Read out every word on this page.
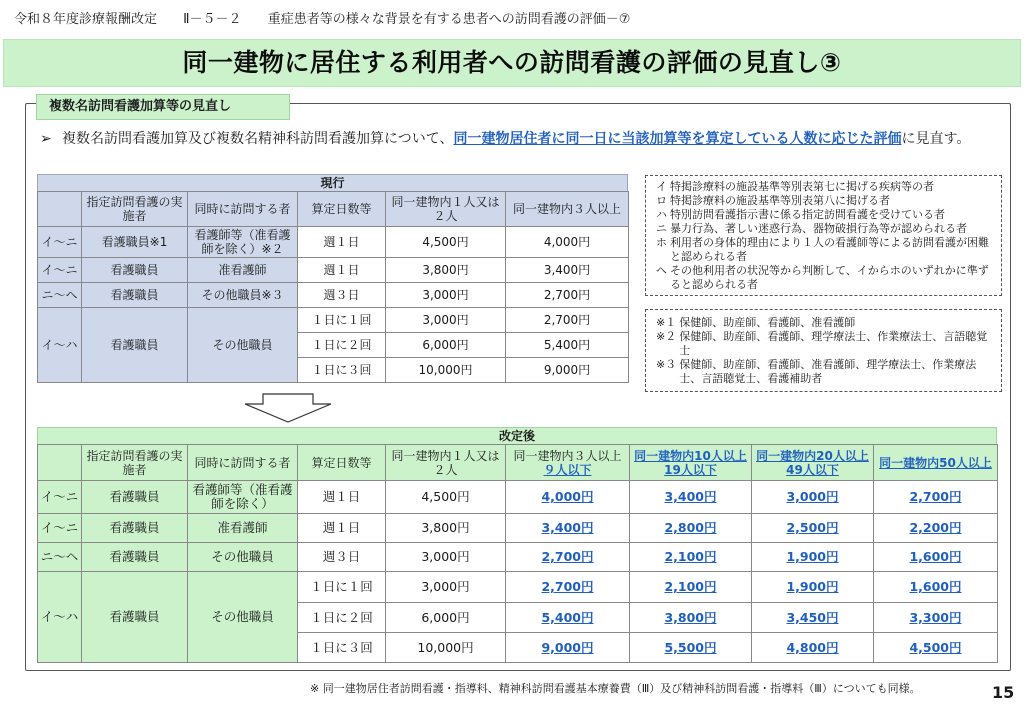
令和８年度診療報酬改定 Ⅱ－５－２ 重症患者等の様々な背景を有する患者への訪問看護の評価－⑦
同一建物に居住する利用者への訪問看護の評価の見直し③
複数名訪問看護加算等の見直し
➢ 複数名訪問看護加算及び複数名精神科訪問看護加算について、同一建物居住者に同一日に当該加算等を算定している人数に応じた評価に見直す。
現行
	指定訪問看護の実施者	同時に訪問する者	算定日数等	同一建物内１人又は２人	同一建物内３人以上
イ～ニ	看護職員※1	看護師等（准看護師を除く）※２	週１日	4,500円	4,000円
イ～ニ	看護職員	准看護師	週１日	3,800円	3,400円
ニ～ヘ	看護職員	その他職員※３	週３日	3,000円	2,700円
イ～ハ	看護職員	その他職員	１日に１回	3,000円	2,700円
			１日に２回	6,000円	5,400円
			１日に３回	10,000円	9,000円
イ 特掲診療料の施設基準等別表第七に掲げる疾病等の者
ロ 特掲診療料の施設基準等別表第八に掲げる者
ハ 特別訪問看護指示書に係る指定訪問看護を受けている者
ニ 暴力行為、著しい迷惑行為、器物破損行為等が認められる者
ホ 利用者の身体的理由により１人の看護師等による訪問看護が困難と認められる者
ヘ その他利用者の状況等から判断して、イからホのいずれかに準ずると認められる者
※１ 保健師、助産師、看護師、准看護師
※２ 保健師、助産師、看護師、理学療法士、作業療法士、言語聴覚士
※３ 保健師、助産師、看護師、准看護師、理学療法士、作業療法士、言語聴覚士、看護補助者
改定後
	指定訪問看護の実施者	同時に訪問する者	算定日数等	同一建物内１人又は２人	同一建物内３人以上９人以下	同一建物内10人以上19人以下	同一建物内20人以上49人以下	同一建物内50人以上
イ～ニ	看護職員	看護師等（准看護師を除く）	週１日	4,500円	4,000円	3,400円	3,000円	2,700円
イ～ニ	看護職員	准看護師	週１日	3,800円	3,400円	2,800円	2,500円	2,200円
ニ～ヘ	看護職員	その他職員	週３日	3,000円	2,700円	2,100円	1,900円	1,600円
イ～ハ	看護職員	その他職員	１日に１回	3,000円	2,700円	2,100円	1,900円	1,600円
			１日に２回	6,000円	5,400円	3,800円	3,450円	3,300円
			１日に３回	10,000円	9,000円	5,500円	4,800円	4,500円
※ 同一建物居住者訪問看護・指導料、精神科訪問看護基本療養費（Ⅲ）及び精神科訪問看護・指導料（Ⅲ）についても同様。	15
